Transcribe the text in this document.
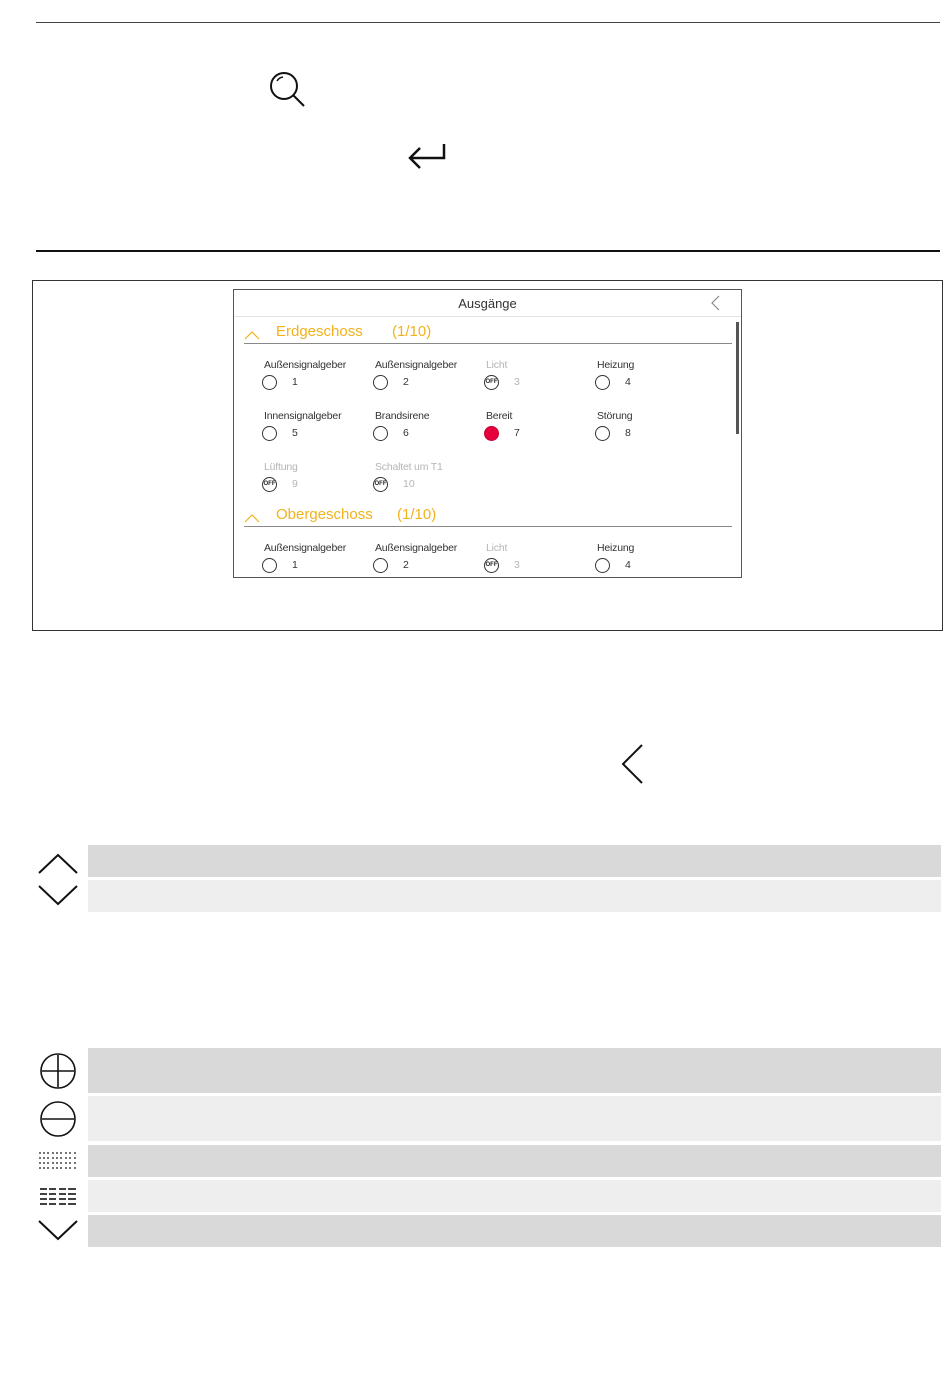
Ausgänge
Erdgeschoss (1/10)
Außensignalgeber
1
Außensignalgeber
2
Licht
OFF 3
Heizung
4
Innensignalgeber
5
Brandsirene
6
Bereit
7
Störung
8
Lüftung
OFF 9
Schaltet um T1
OFF 10
Obergeschoss (1/10)
Außensignalgeber
1
Außensignalgeber
2
Licht
OFF 3
Heizung
4
